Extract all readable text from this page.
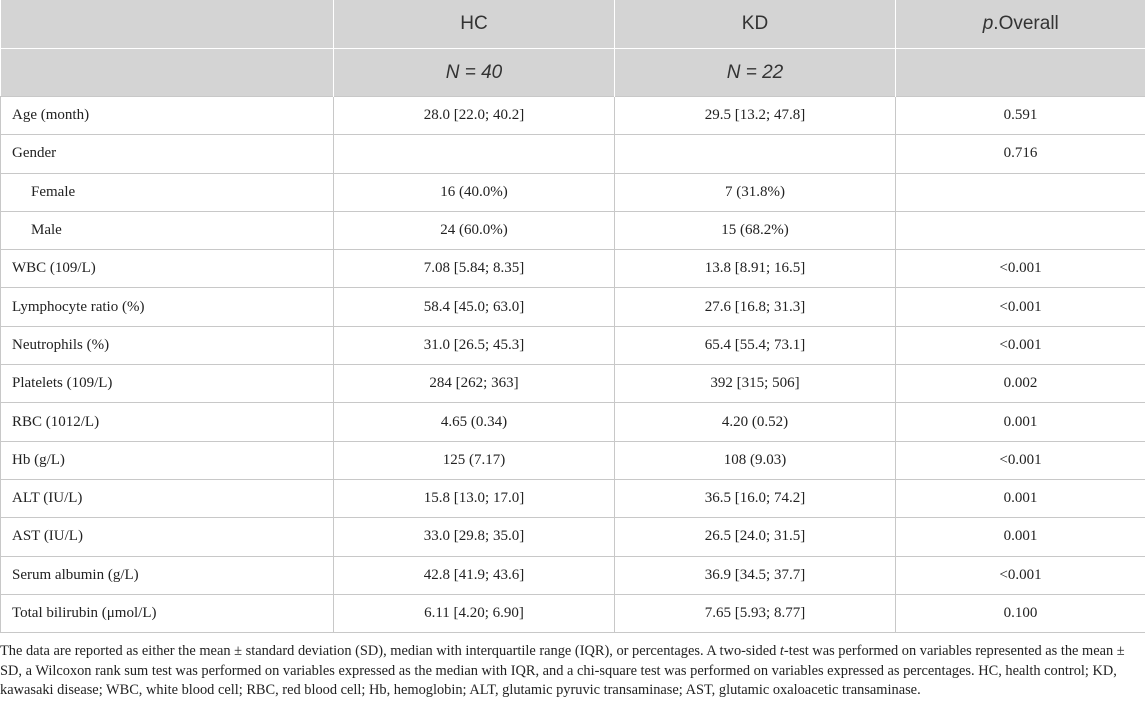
	HC	KD	p.Overall
	N = 40	N = 22	
Age (month)	28.0 [22.0; 40.2]	29.5 [13.2; 47.8]	0.591
Gender			0.716
Female	16 (40.0%)	7 (31.8%)	
Male	24 (60.0%)	15 (68.2%)	
WBC (109/L)	7.08 [5.84; 8.35]	13.8 [8.91; 16.5]	<0.001
Lymphocyte ratio (%)	58.4 [45.0; 63.0]	27.6 [16.8; 31.3]	<0.001
Neutrophils (%)	31.0 [26.5; 45.3]	65.4 [55.4; 73.1]	<0.001
Platelets (109/L)	284 [262; 363]	392 [315; 506]	0.002
RBC (1012/L)	4.65 (0.34)	4.20 (0.52)	0.001
Hb (g/L)	125 (7.17)	108 (9.03)	<0.001
ALT (IU/L)	15.8 [13.0; 17.0]	36.5 [16.0; 74.2]	0.001
AST (IU/L)	33.0 [29.8; 35.0]	26.5 [24.0; 31.5]	0.001
Serum albumin (g/L)	42.8 [41.9; 43.6]	36.9 [34.5; 37.7]	<0.001
Total bilirubin (μmol/L)	6.11 [4.20; 6.90]	7.65 [5.93; 8.77]	0.100
The data are reported as either the mean ± standard deviation (SD), median with interquartile range (IQR), or percentages. A two-sided t-test was performed on variables represented as the mean ± SD, a Wilcoxon rank sum test was performed on variables expressed as the median with IQR, and a chi-square test was performed on variables expressed as percentages. HC, health control; KD, kawasaki disease; WBC, white blood cell; RBC, red blood cell; Hb, hemoglobin; ALT, glutamic pyruvic transaminase; AST, glutamic oxaloacetic transaminase.
